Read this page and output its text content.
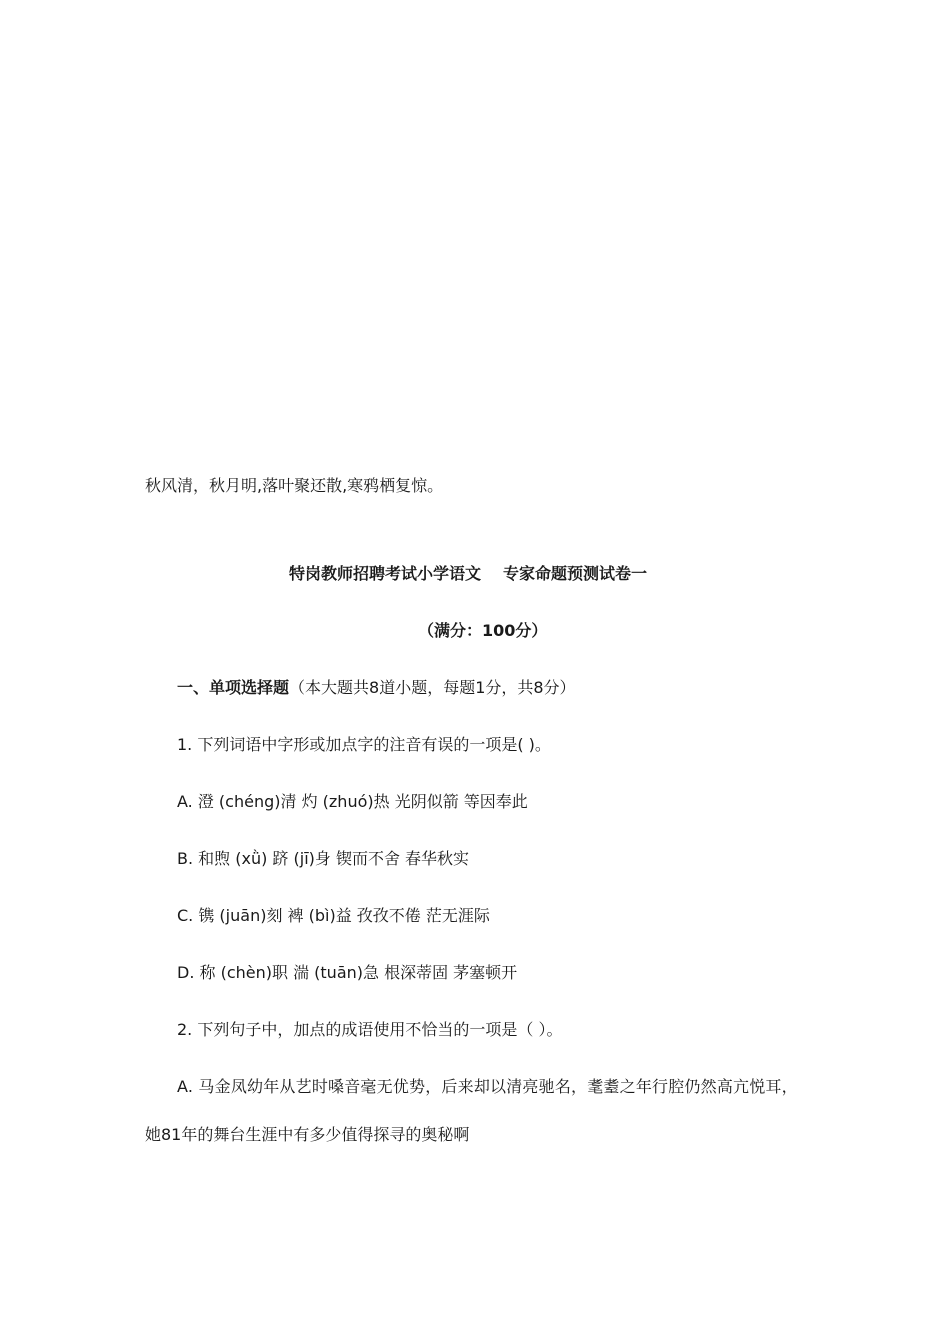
秋风清，秋月明,落叶聚还散,寒鸦栖复惊。
特岗教师招聘考试小学语文 专家命题预测试卷一
（满分：100分）
一、单项选择题（本大题共8道小题，每题1分，共8分）
1. 下列词语中字形或加点字的注音有误的一项是( )。
A. 澄 (chéng)清 灼 (zhuó)热 光阴似箭 等因奉此
B. 和煦 (xǜ) 跻 (jī)身 锲而不舍 春华秋实
C. 镌 (juān)刻 裨 (bì)益 孜孜不倦 茫无涯际
D. 称 (chèn)职 湍 (tuān)急 根深蒂固 茅塞顿开
2. 下列句子中，加点的成语使用不恰当的一项是（ ）。
A. 马金凤幼年从艺时嗓音毫无优势，后来却以清亮驰名，耄耋之年行腔仍然高亢悦耳，
她81年的舞台生涯中有多少值得探寻的奥秘啊
